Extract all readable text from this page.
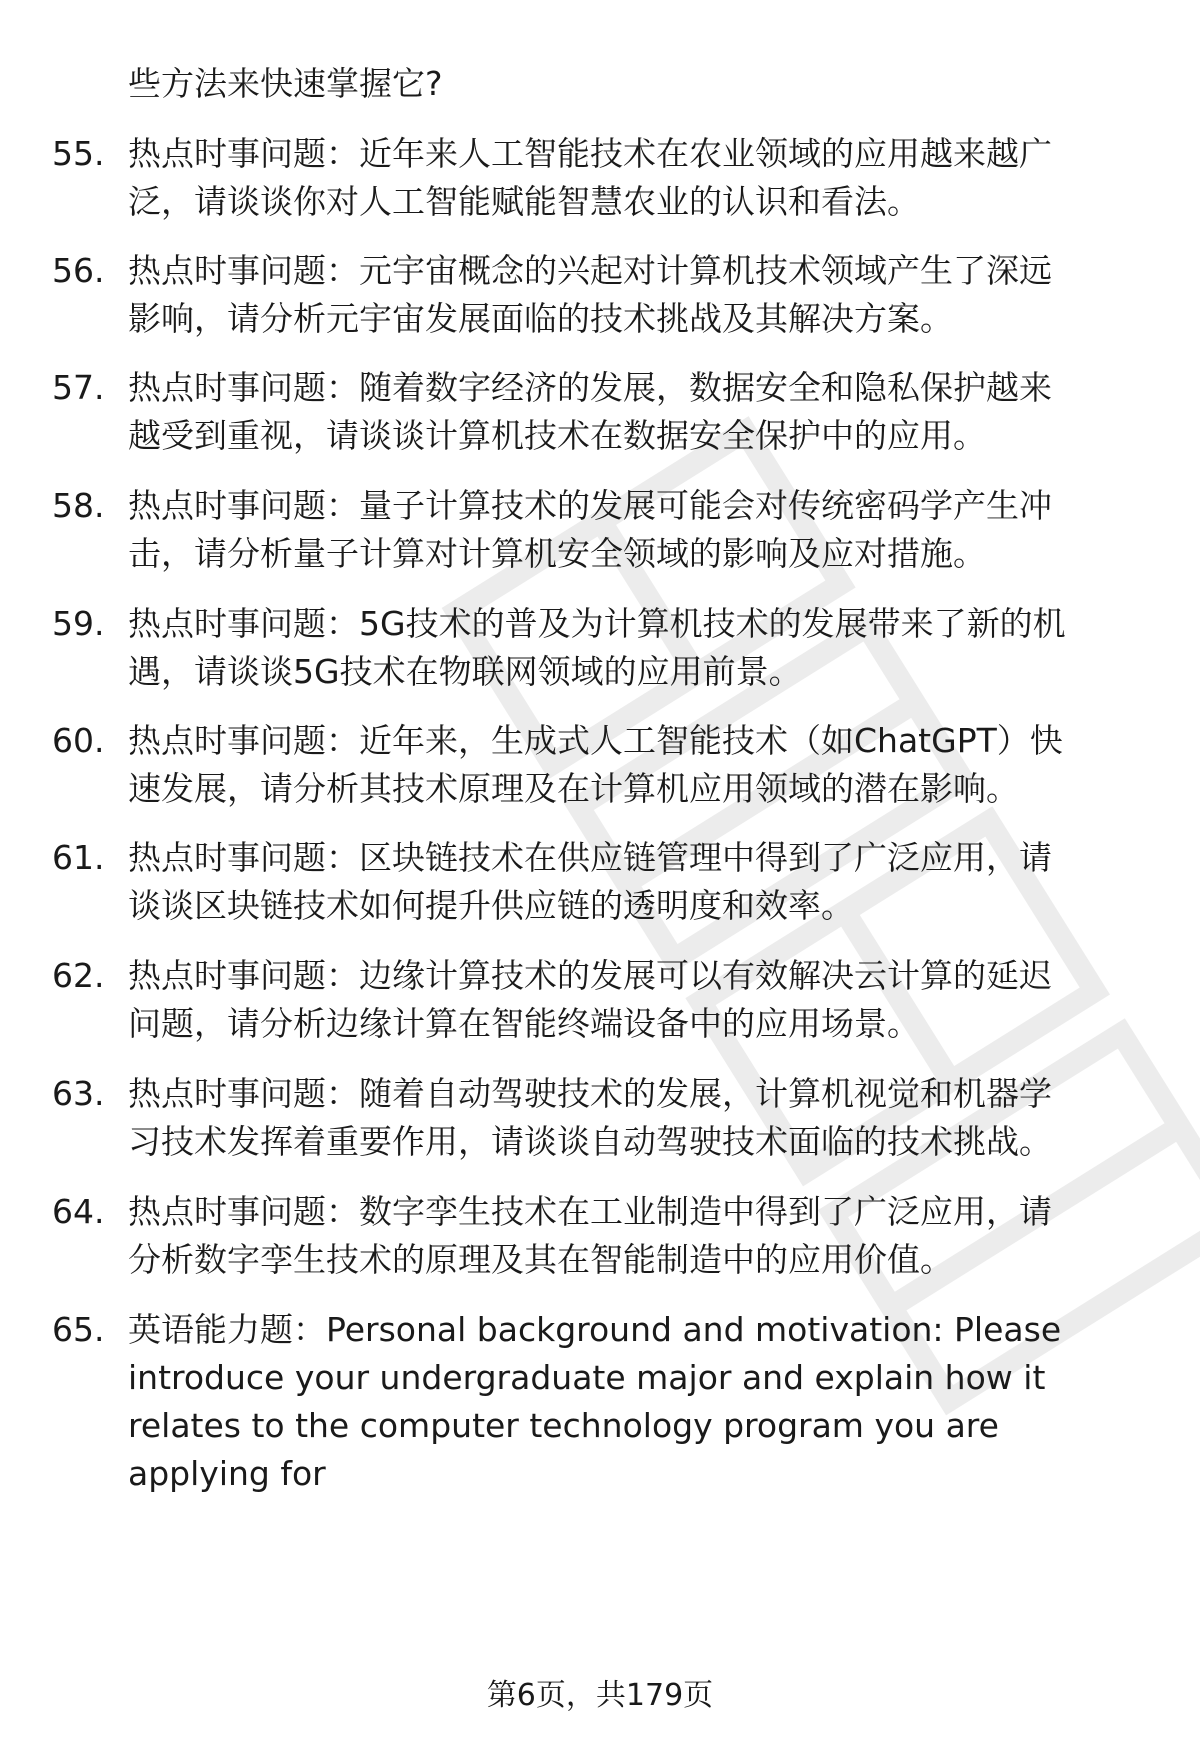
些方法来快速掌握它?
55. 热点时事问题：近年来人工智能技术在农业领域的应用越来越广
泛，请谈谈你对人工智能赋能智慧农业的认识和看法。
56. 热点时事问题：元宇宙概念的兴起对计算机技术领域产生了深远
影响，请分析元宇宙发展面临的技术挑战及其解决方案。
57. 热点时事问题：随着数字经济的发展，数据安全和隐私保护越来
越受到重视，请谈谈计算机技术在数据安全保护中的应用。
58. 热点时事问题：量子计算技术的发展可能会对传统密码学产生冲
击，请分析量子计算对计算机安全领域的影响及应对措施。
59. 热点时事问题：5G技术的普及为计算机技术的发展带来了新的机
遇，请谈谈5G技术在物联网领域的应用前景。
60. 热点时事问题：近年来，生成式人工智能技术（如ChatGPT）快
速发展，请分析其技术原理及在计算机应用领域的潜在影响。
61. 热点时事问题：区块链技术在供应链管理中得到了广泛应用，请
谈谈区块链技术如何提升供应链的透明度和效率。
62. 热点时事问题：边缘计算技术的发展可以有效解决云计算的延迟
问题，请分析边缘计算在智能终端设备中的应用场景。
63. 热点时事问题：随着自动驾驶技术的发展，计算机视觉和机器学
习技术发挥着重要作用，请谈谈自动驾驶技术面临的技术挑战。
64. 热点时事问题：数字孪生技术在工业制造中得到了广泛应用，请
分析数字孪生技术的原理及其在智能制造中的应用价值。
65. 英语能力题：Personal background and motivation: Please
introduce your undergraduate major and explain how it
relates to the computer technology program you are
applying for
第6页，共179页
